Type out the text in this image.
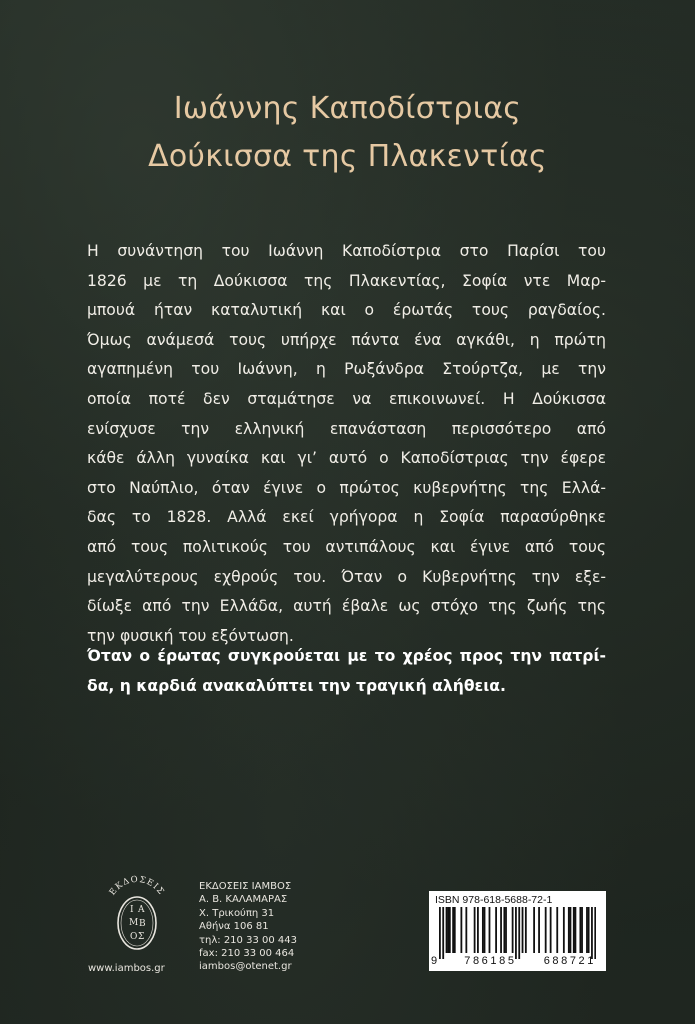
Ιωάννης Καποδίστριας
Δούκισσα της Πλακεντίας
Η συνάντηση του Ιωάννη Καποδίστρια στο Παρίσι του
1826 με τη Δούκισσα της Πλακεντίας, Σοφία ντε Μαρ-
μπουά ήταν καταλυτική και ο έρωτάς τους ραγδαίος.
Όμως ανάμεσά τους υπήρχε πάντα ένα αγκάθι, η πρώτη
αγαπημένη του Ιωάννη, η Ρωξάνδρα Στούρτζα, με την
οποία ποτέ δεν σταμάτησε να επικοινωνεί. Η Δούκισσα
ενίσχυσε την ελληνική επανάσταση περισσότερο από
κάθε άλλη γυναίκα και γι’ αυτό ο Καποδίστριας την έφερε
στο Ναύπλιο, όταν έγινε ο πρώτος κυβερνήτης της Ελλά-
δας το 1828. Αλλά εκεί γρήγορα η Σοφία παρασύρθηκε
από τους πολιτικούς του αντιπάλους και έγινε από τους
μεγαλύτερους εχθρούς του. Όταν ο Κυβερνήτης την εξε-
δίωξε από την Ελλάδα, αυτή έβαλε ως στόχο της ζωής της
την φυσική του εξόντωση.
Όταν ο έρωτας συγκρούεται με το χρέος προς την πατρί-
δα, η καρδιά ανακαλύπτει την τραγική αλήθεια.
ΕΚΔΟΣΕΙΣ
Ι Α
Μ Β
Ο Σ
www.iambos.gr
ΕΚΔΟΣΕΙΣ ΙΑΜΒΟΣ
Α. Β. ΚΑΛΑΜΑΡΑΣ
Χ. Τρικούπη 31
Αθήνα 106 81
τηλ: 210 33 00 443
fax: 210 33 00 464
iambos@otenet.gr
ISBN 978-618-5688-72-1
9 786185 688721
